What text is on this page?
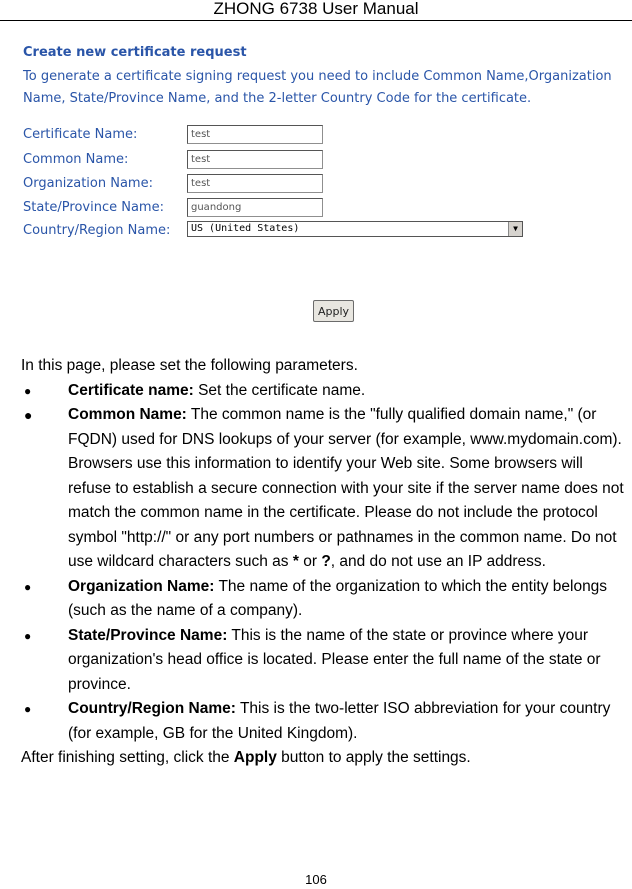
ZHONG 6738 User Manual
Create new certificate request
To generate a certificate signing request you need to include Common Name,Organization Name, State/Province Name, and the 2-letter Country Code for the certificate.
Certificate Name:	test
Common Name:	test
Organization Name:	test
State/Province Name:	guandong
Country/Region Name:	US (United States)	▼
Apply

In this page, please set the following parameters.

● Certificate name: Set the certificate name.

● Common Name: The common name is the "fully qualified domain name," (or FQDN) used for DNS lookups of your server (for example, www.mydomain.com). Browsers use this information to identify your Web site. Some browsers will refuse to establish a secure connection with your site if the server name does not match the common name in the certificate. Please do not include the protocol symbol "http://" or any port numbers or pathnames in the common name. Do not use wildcard characters such as * or ?, and do not use an IP address.

● Organization Name: The name of the organization to which the entity belongs (such as the name of a company).

● State/Province Name: This is the name of the state or province where your organization's head office is located. Please enter the full name of the state or province.

● Country/Region Name: This is the two-letter ISO abbreviation for your country (for example, GB for the United Kingdom).

After finishing setting, click the Apply button to apply the settings.

106
